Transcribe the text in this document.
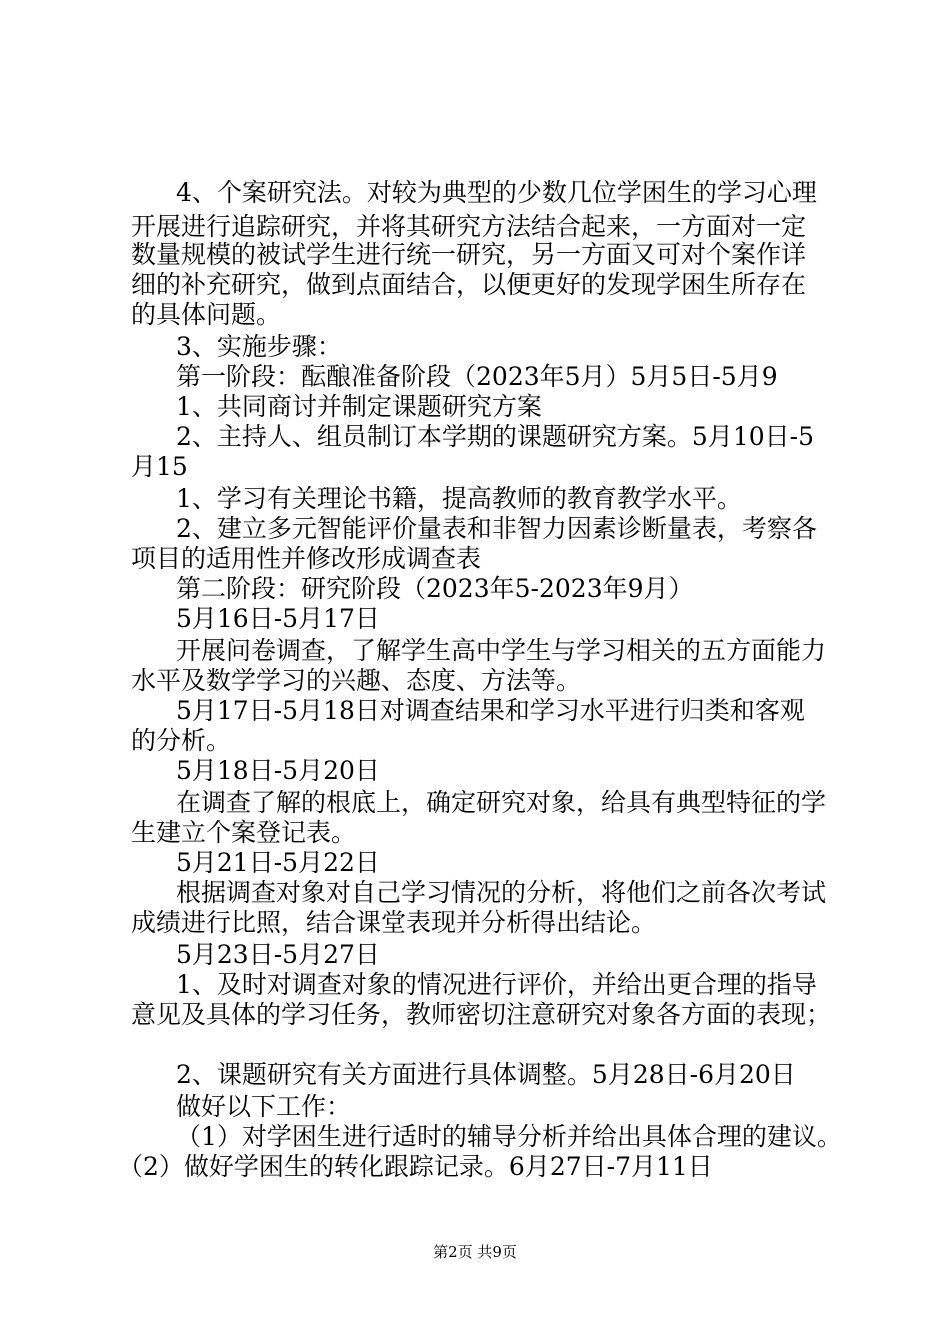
4、个案研究法。对较为典型的少数几位学困生的学习心理
开展进行追踪研究，并将其研究方法结合起来，一方面对一定
数量规模的被试学生进行统一研究，另一方面又可对个案作详
细的补充研究，做到点面结合，以便更好的发现学困生所存在
的具体问题。
3、实施步骤：
第一阶段：酝酿准备阶段（2023年5月）5月5日-5月9
1、共同商讨并制定课题研究方案
2、主持人、组员制订本学期的课题研究方案。5月10日-5
月15
1、学习有关理论书籍，提高教师的教育教学水平。
2、建立多元智能评价量表和非智力因素诊断量表，考察各
项目的适用性并修改形成调查表
第二阶段：研究阶段（2023年5-2023年9月）
5月16日-5月17日
开展问卷调查，了解学生高中学生与学习相关的五方面能力
水平及数学学习的兴趣、态度、方法等。
5月17日-5月18日对调查结果和学习水平进行归类和客观
的分析。
5月18日-5月20日
在调查了解的根底上，确定研究对象，给具有典型特征的学
生建立个案登记表。
5月21日-5月22日
根据调查对象对自己学习情况的分析，将他们之前各次考试
成绩进行比照，结合课堂表现并分析得出结论。
5月23日-5月27日
1、及时对调查对象的情况进行评价，并给出更合理的指导
意见及具体的学习任务，教师密切注意研究对象各方面的表现；
2、课题研究有关方面进行具体调整。5月28日-6月20日
做好以下工作：
（1）对学困生进行适时的辅导分析并给出具体合理的建议。
（2）做好学困生的转化跟踪记录。6月27日-7月11日
第2页 共9页
